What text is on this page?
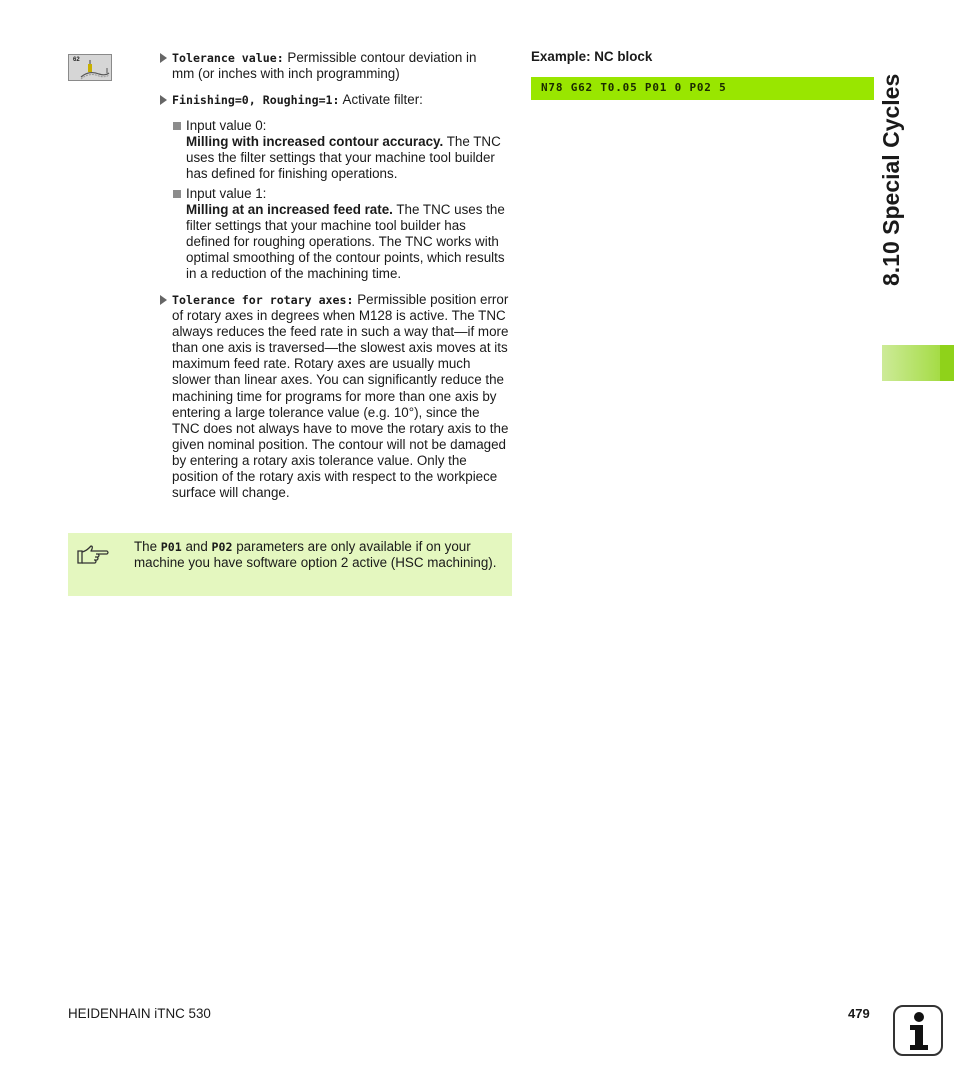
62	Tolerance value: Permissible contour deviation in mm (or inches with inch programming)
Finishing=0, Roughing=1: Activate filter:
Input value 0:
Milling with increased contour accuracy. The TNC uses the filter settings that your machine tool builder has defined for finishing operations.
Input value 1:
Milling at an increased feed rate. The TNC uses the filter settings that your machine tool builder has defined for roughing operations. The TNC works with optimal smoothing of the contour points, which results in a reduction of the machining time.
Tolerance for rotary axes: Permissible position error of rotary axes in degrees when M128 is active. The TNC always reduces the feed rate in such a way that—if more than one axis is traversed—the slowest axis moves at its maximum feed rate. Rotary axes are usually much slower than linear axes. You can significantly reduce the machining time for programs for more than one axis by entering a large tolerance value (e.g. 10°), since the TNC does not always have to move the rotary axis to the given nominal position. The contour will not be damaged by entering a rotary axis tolerance value. Only the position of the rotary axis with respect to the workpiece surface will change.
The P01 and P02 parameters are only available if on your machine you have software option 2 active (HSC machining).
Example: NC block
N78 G62 T0.05 P01 0 P02 5	8.10 Special Cycles
HEIDENHAIN iTNC 530	479
